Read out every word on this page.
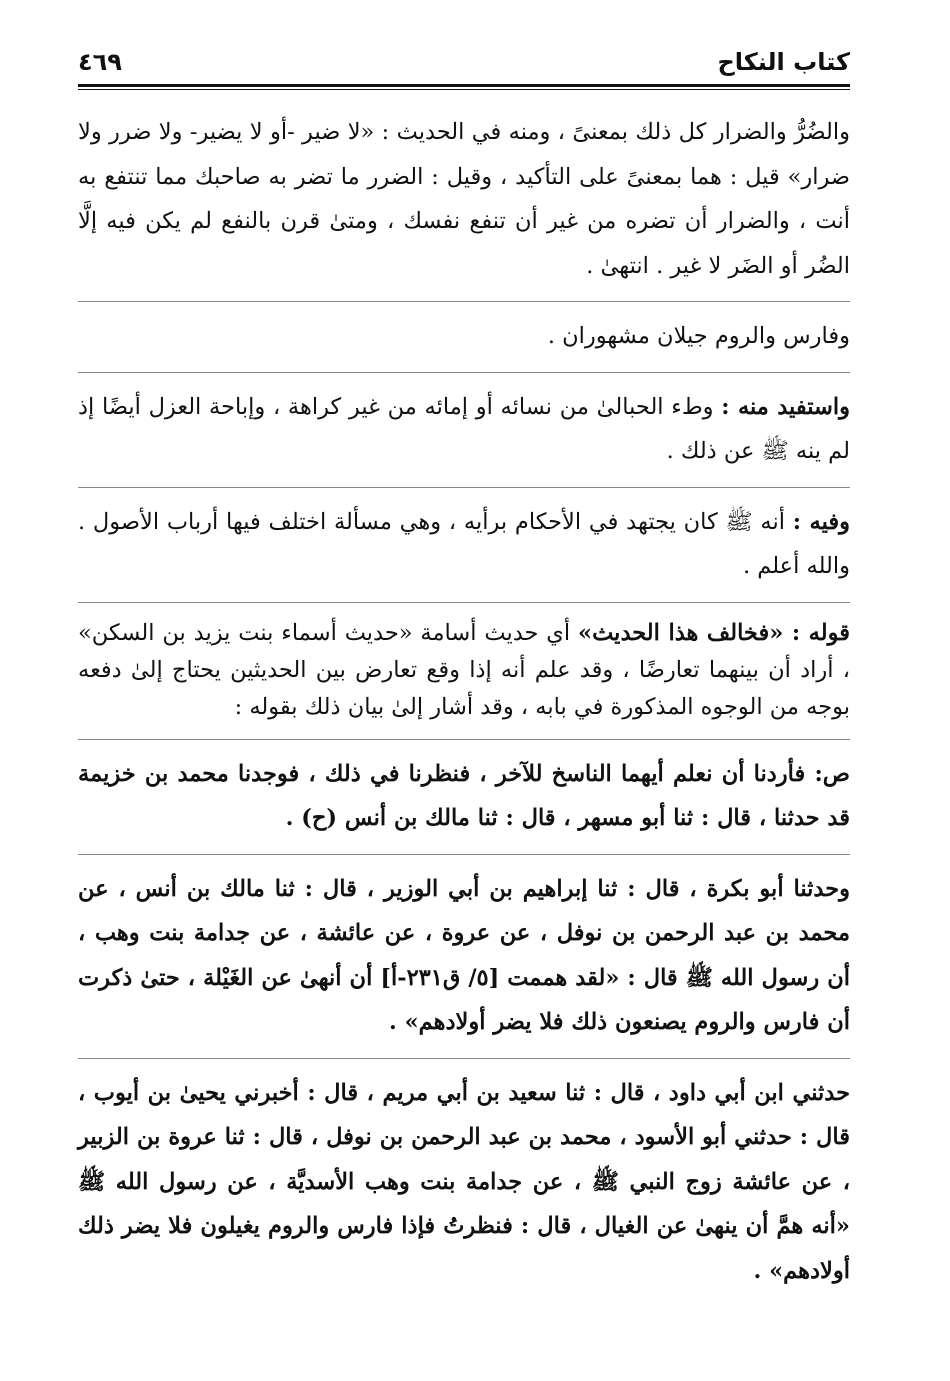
كتاب النكاح
٤٦٩

والضُرُّ والضرار كل ذلك بمعنىً ، ومنه في الحديث : «لا ضير -أو لا يضير- ولا ضرر ولا ضرار» قيل : هما بمعنىً على التأكيد ، وقيل : الضرر ما تضر به صاحبك مما تنتفع به أنت ، والضرار أن تضره من غير أن تنفع نفسك ، ومتىٰ قرن بالنفع لم يكن فيه إلَّا الضُر أو الضَر لا غير . انتهىٰ .

وفارس والروم جيلان مشهوران .

واستفيد منه : وطء الحبالىٰ من نسائه أو إمائه من غير كراهة ، وإباحة العزل أيضًا إذ لم ينه ﷺ عن ذلك .

وفيه : أنه ﷺ كان يجتهد في الأحكام برأيه ، وهي مسألة اختلف فيها أرباب الأصول . والله أعلم .

قوله : «فخالف هذا الحديث» أي حديث أسامة «حديث أسماء بنت يزيد بن السكن» ، أراد أن بينهما تعارضًا ، وقد علم أنه إذا وقع تعارض بين الحديثين يحتاج إلىٰ دفعه بوجه من الوجوه المذكورة في بابه ، وقد أشار إلىٰ بيان ذلك بقوله :

ص: فأردنا أن نعلم أيهما الناسخ للآخر ، فنظرنا في ذلك ، فوجدنا محمد بن خزيمة قد حدثنا ، قال : ثنا أبو مسهر ، قال : ثنا مالك بن أنس (ح) .

وحدثنا أبو بكرة ، قال : ثنا إبراهيم بن أبي الوزير ، قال : ثنا مالك بن أنس ، عن محمد بن عبد الرحمن بن نوفل ، عن عروة ، عن عائشة ، عن جدامة بنت وهب ، أن رسول الله ﷺ قال : «لقد هممت [٥/ ق٢٣١-أ] أن أنهىٰ عن الغَيْلة ، حتىٰ ذكرت أن فارس والروم يصنعون ذلك فلا يضر أولادهم» .

حدثني ابن أبي داود ، قال : ثنا سعيد بن أبي مريم ، قال : أخبرني يحيىٰ بن أيوب ، قال : حدثني أبو الأسود ، محمد بن عبد الرحمن بن نوفل ، قال : ثنا عروة بن الزبير ، عن عائشة زوج النبي ﷺ ، عن جدامة بنت وهب الأسديَّة ، عن رسول الله ﷺ «أنه همَّ أن ينهىٰ عن الغيال ، قال : فنظرتُ فإذا فارس والروم يغيلون فلا يضر ذلك أولادهم» .
